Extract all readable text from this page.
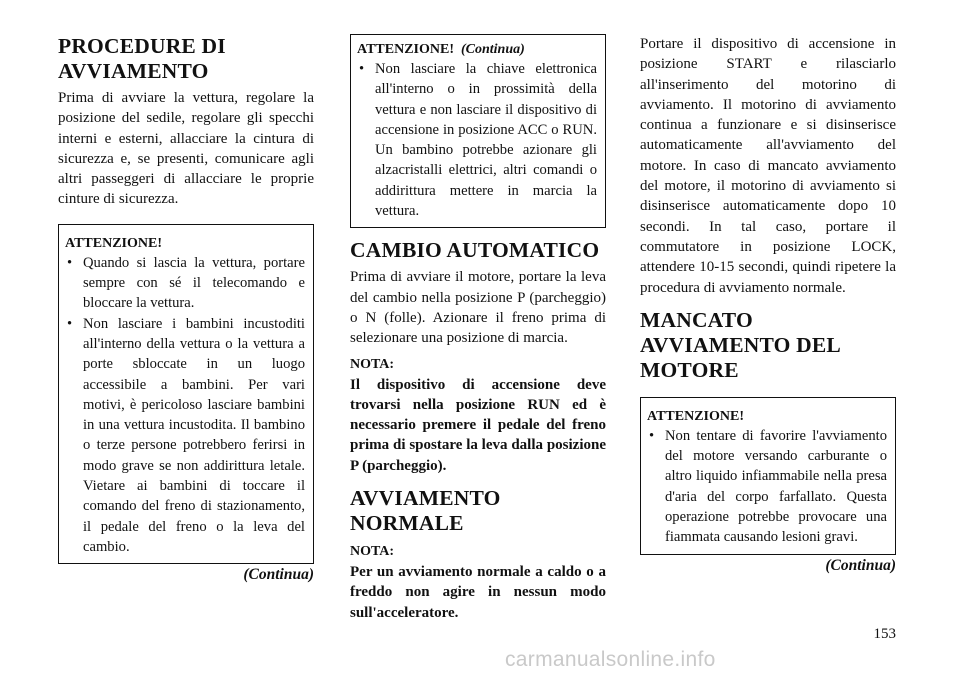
PROCEDURE DI AVVIAMENTO

Prima di avviare la vettura, regolare la posizione del sedile, regolare gli specchi interni e esterni, allacciare la cintura di sicurezza e, se presenti, comunicare agli altri passeggeri di allacciare le proprie cinture di sicurezza.

ATTENZIONE!
• Quando si lascia la vettura, portare sempre con sé il telecomando e bloccare la vettura.
• Non lasciare i bambini incustoditi all'interno della vettura o la vettura a porte sbloccate in un luogo accessibile a bambini. Per vari motivi, è pericoloso lasciare bambini in una vettura incustodita. Il bambino o terze persone potrebbero ferirsi in modo grave se non addirittura letale. Vietare ai bambini di toccare il comando del freno di stazionamento, il pedale del freno o la leva del cambio.
(Continua)
ATTENZIONE! (Continua)
• Non lasciare la chiave elettronica all'interno o in prossimità della vettura e non lasciare il dispositivo di accensione in posizione ACC o RUN. Un bambino potrebbe azionare gli alzacristalli elettrici, altri comandi o addirittura mettere in marcia la vettura.
CAMBIO AUTOMATICO

Prima di avviare il motore, portare la leva del cambio nella posizione P (parcheggio) o N (folle). Azionare il freno prima di selezionare una posizione di marcia.

NOTA:

Il dispositivo di accensione deve trovarsi nella posizione RUN ed è necessario premere il pedale del freno prima di spostare la leva dalla posizione P (parcheggio).

AVVIAMENTO NORMALE

NOTA:

Per un avviamento normale a caldo o a freddo non agire in nessun modo sull'acceleratore.

Portare il dispositivo di accensione in posizione START e rilasciarlo all'inserimento del motorino di avviamento. Il motorino di avviamento continua a funzionare e si disinserisce automaticamente all'avviamento del motore. In caso di mancato avviamento del motore, il motorino di avviamento si disinserisce automaticamente dopo 10 secondi. In tal caso, portare il commutatore in posizione LOCK, attendere 10-15 secondi, quindi ripetere la procedura di avviamento normale.

MANCATO AVVIAMENTO DEL MOTORE
ATTENZIONE!
• Non tentare di favorire l'avviamento del motore versando carburante o altro liquido infiammabile nella presa d'aria del corpo farfallato. Questa operazione potrebbe provocare una fiammata causando lesioni gravi.
(Continua)
153
carmanualsonline.info
